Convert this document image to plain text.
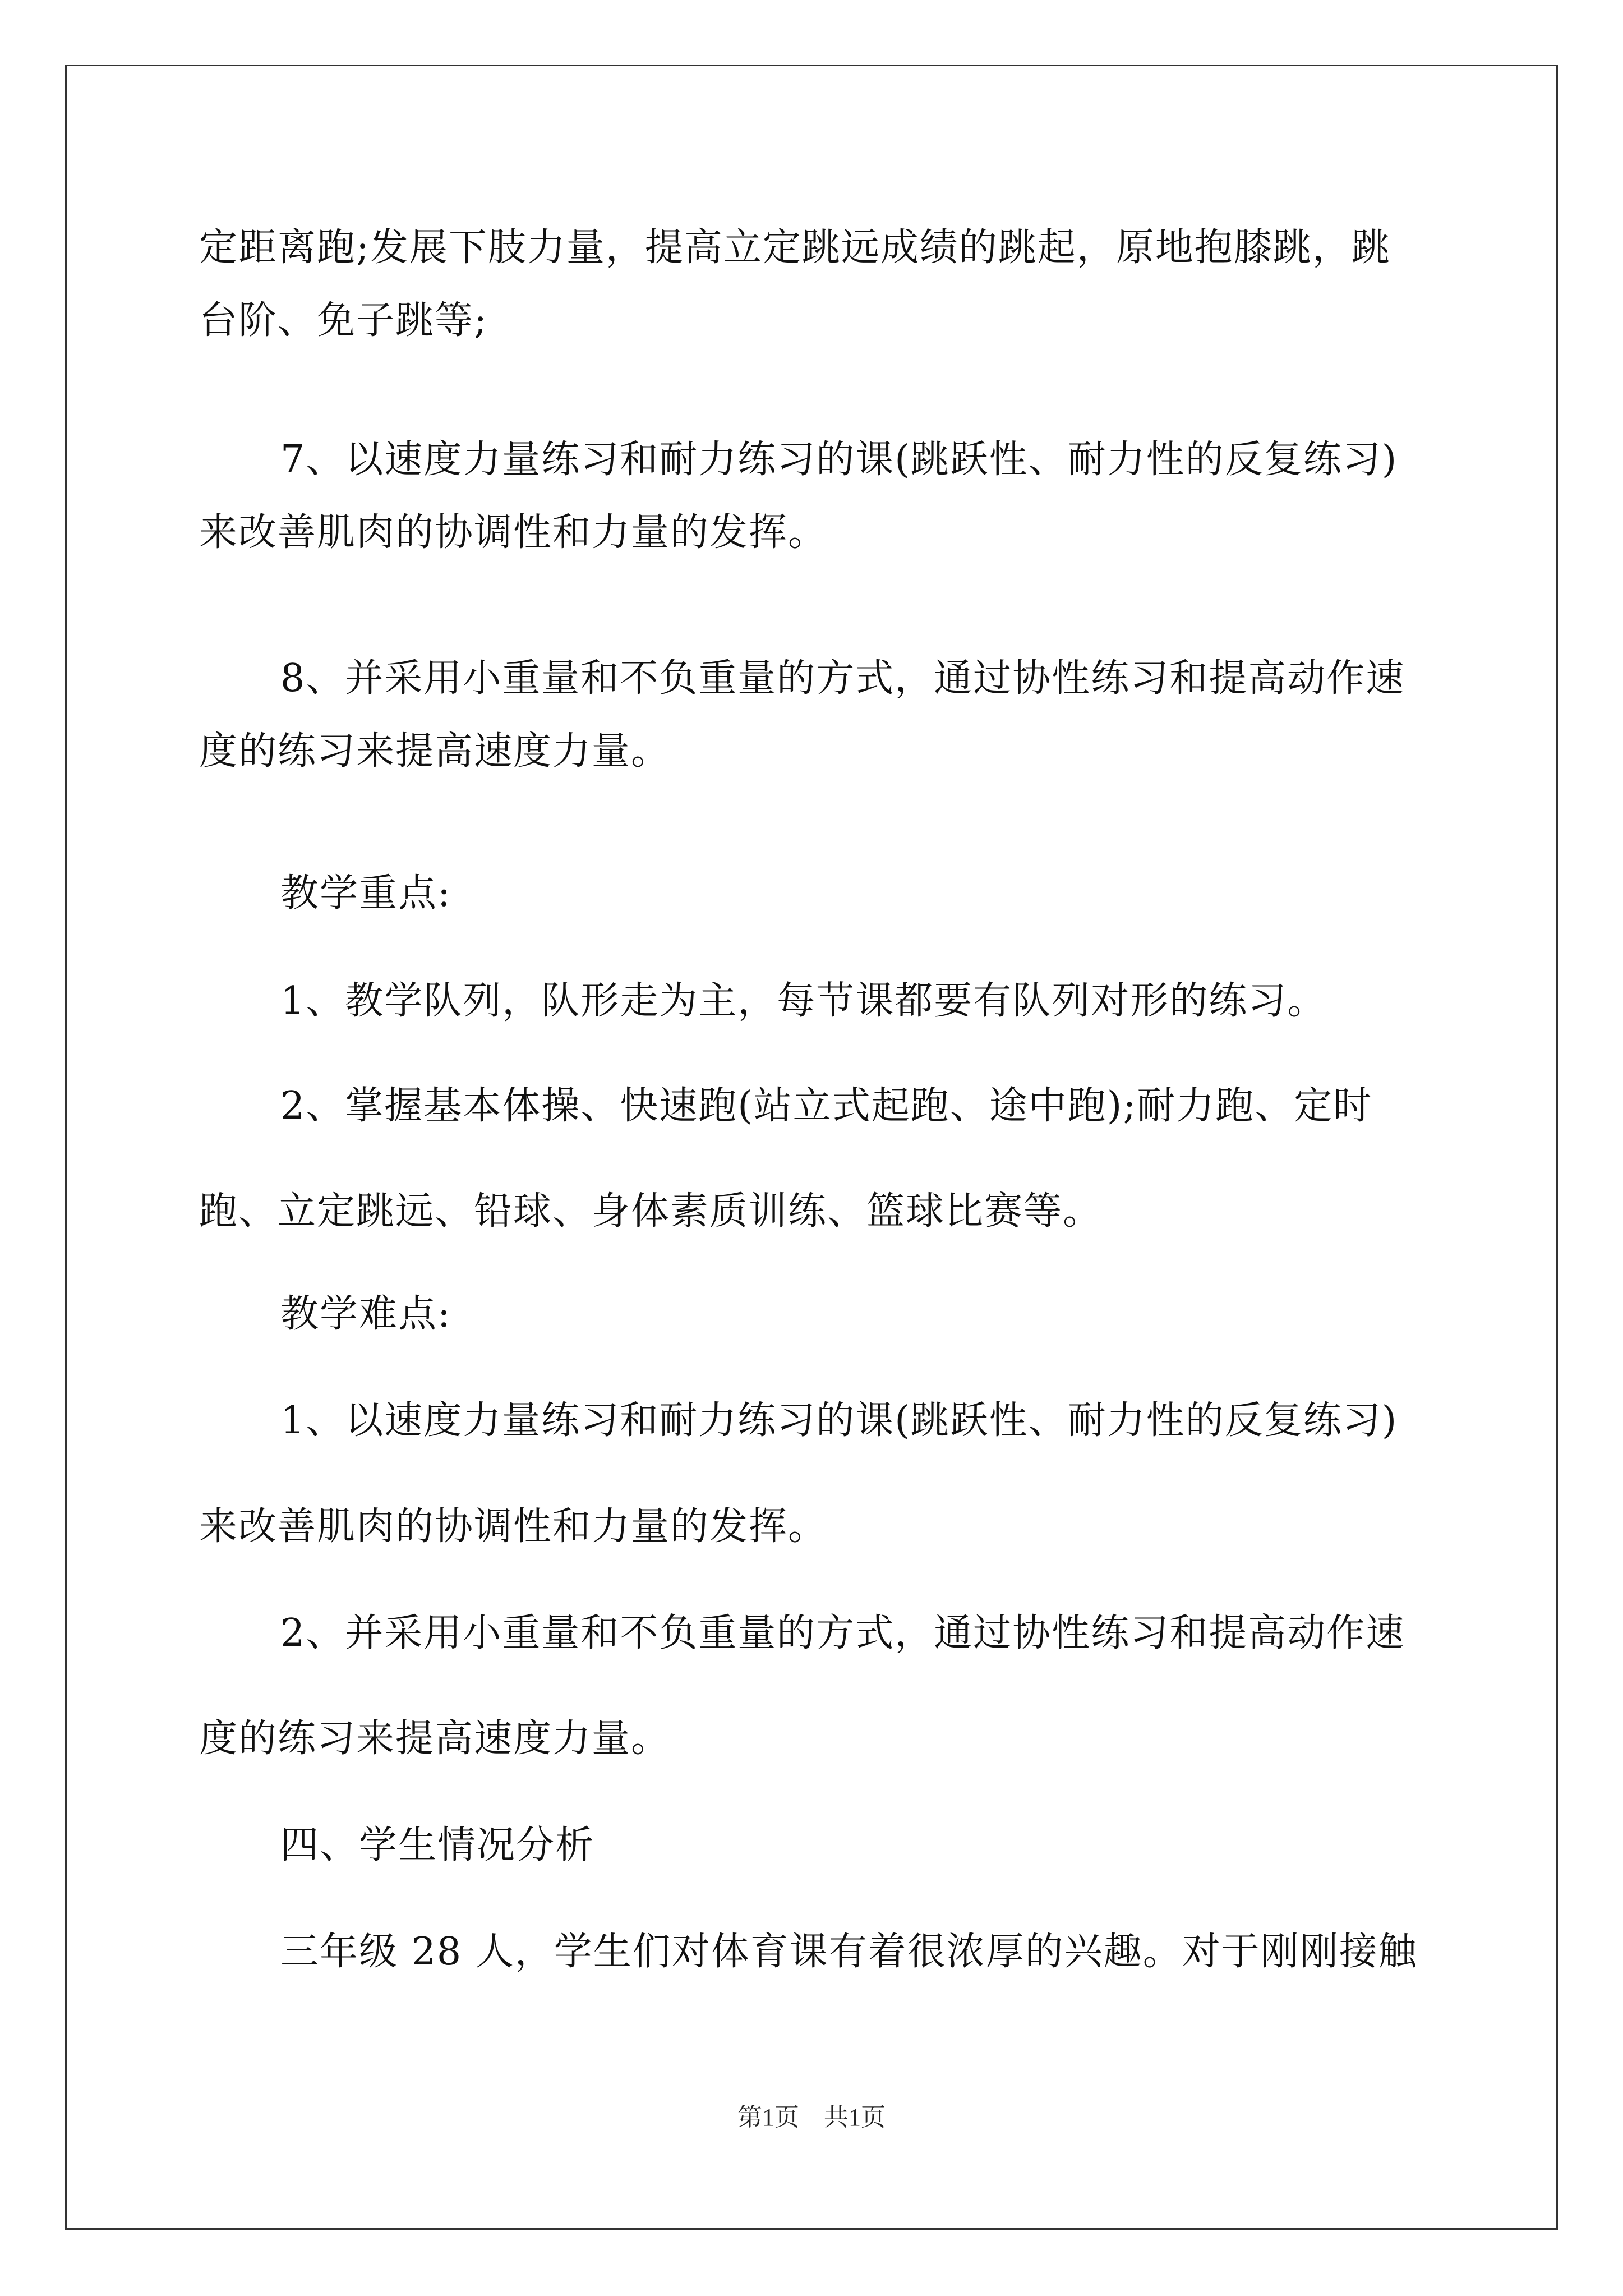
定距离跑;发展下肢力量，提高立定跳远成绩的跳起，原地抱膝跳，跳
台阶、免子跳等;
7、以速度力量练习和耐力练习的课(跳跃性、耐力性的反复练习)
来改善肌肉的协调性和力量的发挥。
8、并采用小重量和不负重量的方式，通过协性练习和提高动作速
度的练习来提高速度力量。
教学重点:
1、教学队列，队形走为主，每节课都要有队列对形的练习。
2、掌握基本体操、快速跑(站立式起跑、途中跑);耐力跑、定时
跑、立定跳远、铅球、身体素质训练、篮球比赛等。
教学难点:
1、以速度力量练习和耐力练习的课(跳跃性、耐力性的反复练习)
来改善肌肉的协调性和力量的发挥。
2、并采用小重量和不负重量的方式，通过协性练习和提高动作速
度的练习来提高速度力量。
四、学生情况分析
三年级 28 人，学生们对体育课有着很浓厚的兴趣。对于刚刚接触
第1页　共1页
